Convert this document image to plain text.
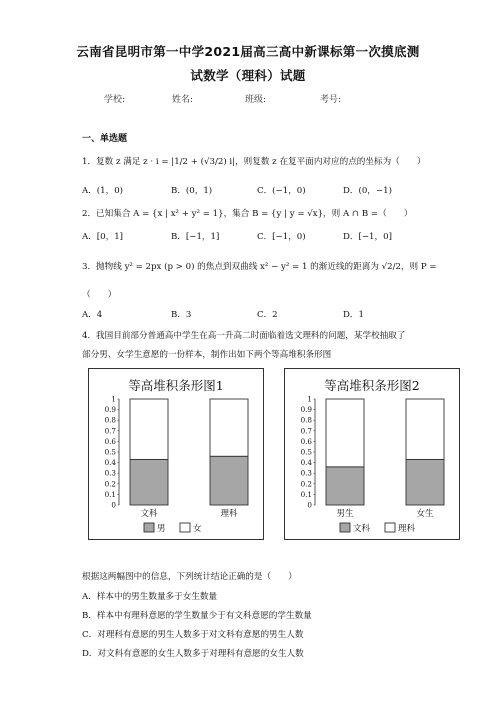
云南省昆明市第一中学2021届高三高中新课标第一次摸底测
试数学（理科）试题
学校:	姓名:	班级:	考号:
一、单选题
1．复数 z 满足 z · i = |1/2 + (√3/2) i|，则复数 z 在复平面内对应的点的坐标为（　　）
A．(1，0)	B．(0，1)	C．(−1，0)	D．(0，−1)
2．已知集合 A = {x | x² + y² = 1}，集合 B = {y | y = √x}，则 A ∩ B =（　　）
A．[0，1]	B．[−1，1]	C．[−1，0)	D．[−1，0]
3．抛物线 y² = 2px (p > 0) 的焦点到双曲线 x² − y² = 1 的渐近线的距离为 √2/2，则 P =
（　　）
A．4	B．3	C．2	D．1
4．我国目前部分普通高中学生在高一升高二时面临着选文理科的问题，某学校抽取了
部分男、女学生意愿的一份样本，制作出如下两个等高堆积条形图
等高堆积条形图1
1
0.9
0.8
0.7
0.6
0.5
0.4
0.3
0.2
0.1
0
文科	理科
男	女
等高堆积条形图2
1
0.9
0.8
0.7
0.6
0.5
0.4
0.3
0.2
0.1
0
男生	女生
文科	理科
根据这两幅图中的信息，下列统计结论正确的是（　　）
A．样本中的男生数量多于女生数量
B．样本中有理科意愿的学生数量少于有文科意愿的学生数量
C．对理科有意愿的男生人数多于对文科有意愿的男生人数
D．对文科有意愿的女生人数多于对理科有意愿的女生人数
